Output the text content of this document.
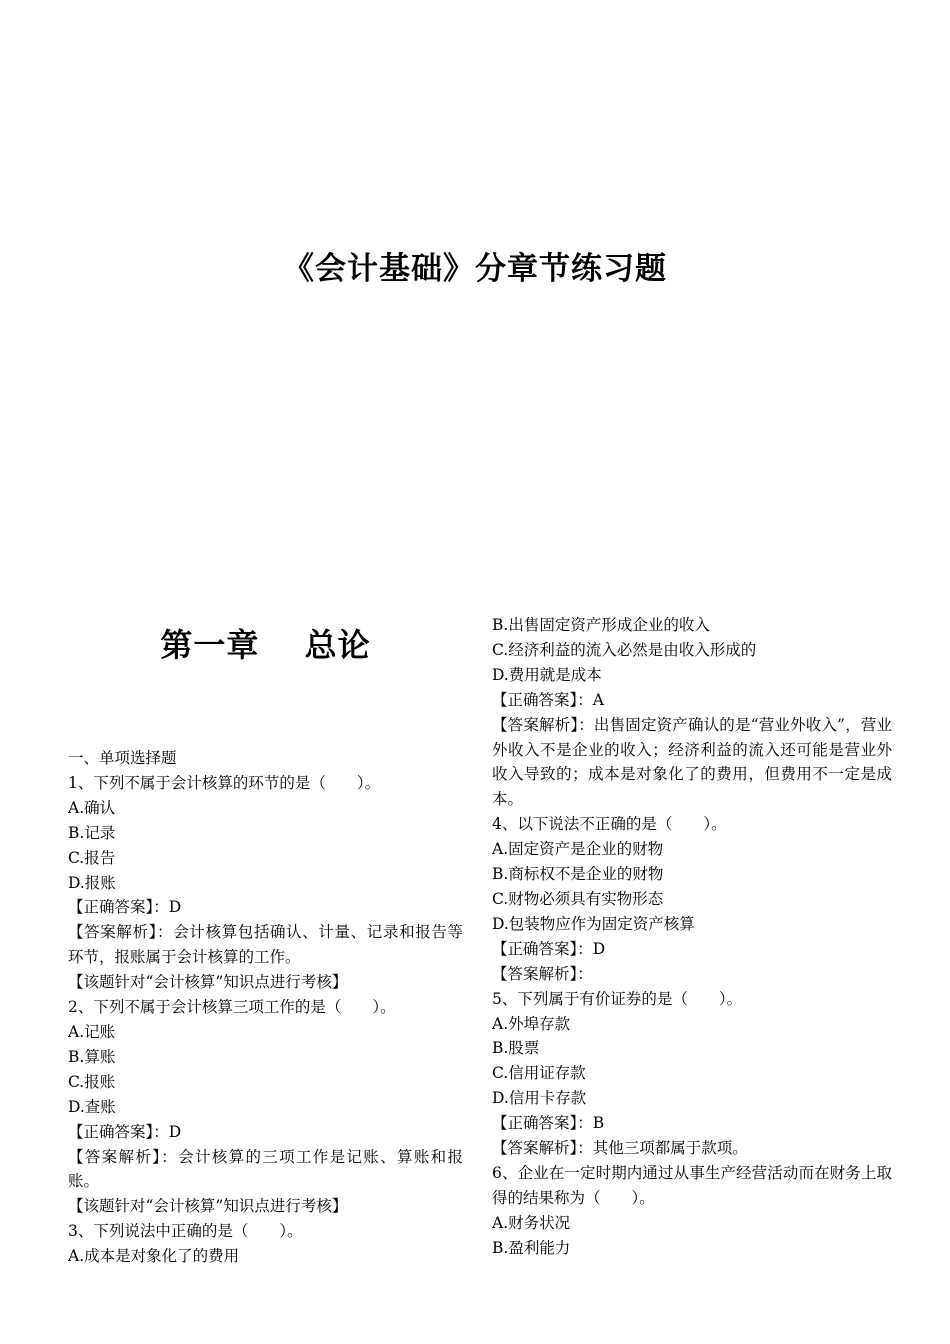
《会计基础》分章节练习题
第一章　 总论
一、单项选择题
1、下列不属于会计核算的环节的是（　　）。
A.确认
B.记录
C.报告
D.报账
【正确答案】：D
【答案解析】：会计核算包括确认、计量、记录和报告等环节，报账属于会计核算的工作。
【该题针对“会计核算”知识点进行考核】
2、下列不属于会计核算三项工作的是（　　）。
A.记账
B.算账
C.报账
D.查账
【正确答案】：D
【答案解析】：会计核算的三项工作是记账、算账和报账。
【该题针对“会计核算”知识点进行考核】
3、下列说法中正确的是（　　）。
A.成本是对象化了的费用
B.出售固定资产形成企业的收入
C.经济利益的流入必然是由收入形成的
D.费用就是成本
【正确答案】：A
【答案解析】：出售固定资产确认的是“营业外收入”，营业外收入不是企业的收入；经济利益的流入还可能是营业外收入导致的；成本是对象化了的费用，但费用不一定是成本。
4、以下说法不正确的是（　　）。
A.固定资产是企业的财物
B.商标权不是企业的财物
C.财物必须具有实物形态
D.包装物应作为固定资产核算
【正确答案】：D
【答案解析】：
5、下列属于有价证券的是（　　）。
A.外埠存款
B.股票
C.信用证存款
D.信用卡存款
【正确答案】：B
【答案解析】：其他三项都属于款项。
6、企业在一定时期内通过从事生产经营活动而在财务上取得的结果称为（　　）。
A.财务状况
B.盈利能力
